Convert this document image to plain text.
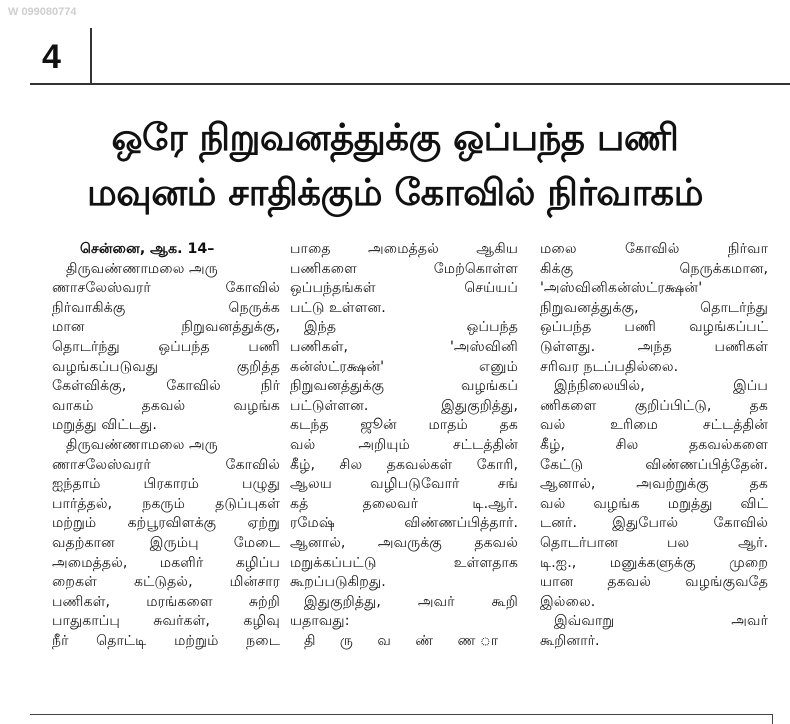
W 099080774
4
ஒரே நிறுவனத்துக்கு ஒப்பந்த பணி
மவுனம் சாதிக்கும் கோவில் நிர்வாகம்
சென்னை, ஆக. 14–
திருவண்ணாமலை அரு
ணாசலேஸ்வரர் கோவில்
நிர்வாகிக்கு நெருக்க
மான நிறுவனத்துக்கு,
தொடர்ந்து ஒப்பந்த பணி
வழங்கப்படுவது குறித்த
கேள்விக்கு, கோவில் நிர்
வாகம் தகவல் வழங்க
மறுத்து விட்டது.
திருவண்ணாமலை அரு
ணாசலேஸ்வரர் கோவில்
ஐந்தாம் பிரகாரம் பழுது
பார்த்தல், நகரும் தடுப்புகள்
மற்றும் கற்பூரவிளக்கு ஏற்று
வதற்கான இரும்பு மேடை
அமைத்தல், மகளிர் கழிப்ப
றைகள் கட்டுதல், மின்சார
பணிகள், மரங்களை சுற்றி
பாதுகாப்பு சுவர்கள், கழிவு
நீர் தொட்டி மற்றும் நடை
பாதை அமைத்தல் ஆகிய
பணிகளை மேற்கொள்ள
ஒப்பந்தங்கள் செய்யப்
பட்டு உள்ளன.
இந்த ஒப்பந்த
பணிகள், 'அஸ்வினி
கன்ஸ்ட்ரக்ஷன்' எனும்
நிறுவனத்துக்கு வழங்கப்
பட்டுள்ளன. இதுகுறித்து,
கடந்த ஜூன் மாதம் தக
வல் அறியும் சட்டத்தின்
கீழ், சில தகவல்கள் கோரி,
ஆலய வழிபடுவோர் சங்
கத் தலைவர் டி.ஆர்.
ரமேஷ் விண்ணப்பித்தார்.
ஆனால், அவருக்கு தகவல்
மறுக்கப்பட்டு உள்ளதாக
கூறப்படுகிறது.
இதுகுறித்து, அவர் கூறி
யதாவது:
தி ரு வ ண் ண ா
மலை கோவில் நிர்வா
கிக்கு நெருக்கமான,
'அஸ்வினிகன்ஸ்ட்ரக்ஷன்'
நிறுவனத்துக்கு, தொடர்ந்து
ஒப்பந்த பணி வழங்கப்பட்
டுள்ளது. அந்த பணிகள்
சரிவர நடப்பதில்லை.
இந்நிலையில், இப்ப
ணிகளை குறிப்பிட்டு, தக
வல் உரிமை சட்டத்தின்
கீழ், சில தகவல்களை
கேட்டு விண்ணப்பித்தேன்.
ஆனால், அவற்றுக்கு தக
வல் வழங்க மறுத்து விட்
டனர். இதுபோல் கோவில்
தொடர்பான பல ஆர்.
டி.ஐ., மனுக்களுக்கு முறை
யான தகவல் வழங்குவதே
இல்லை.
இவ்வாறு அவர்
கூறினார்.
